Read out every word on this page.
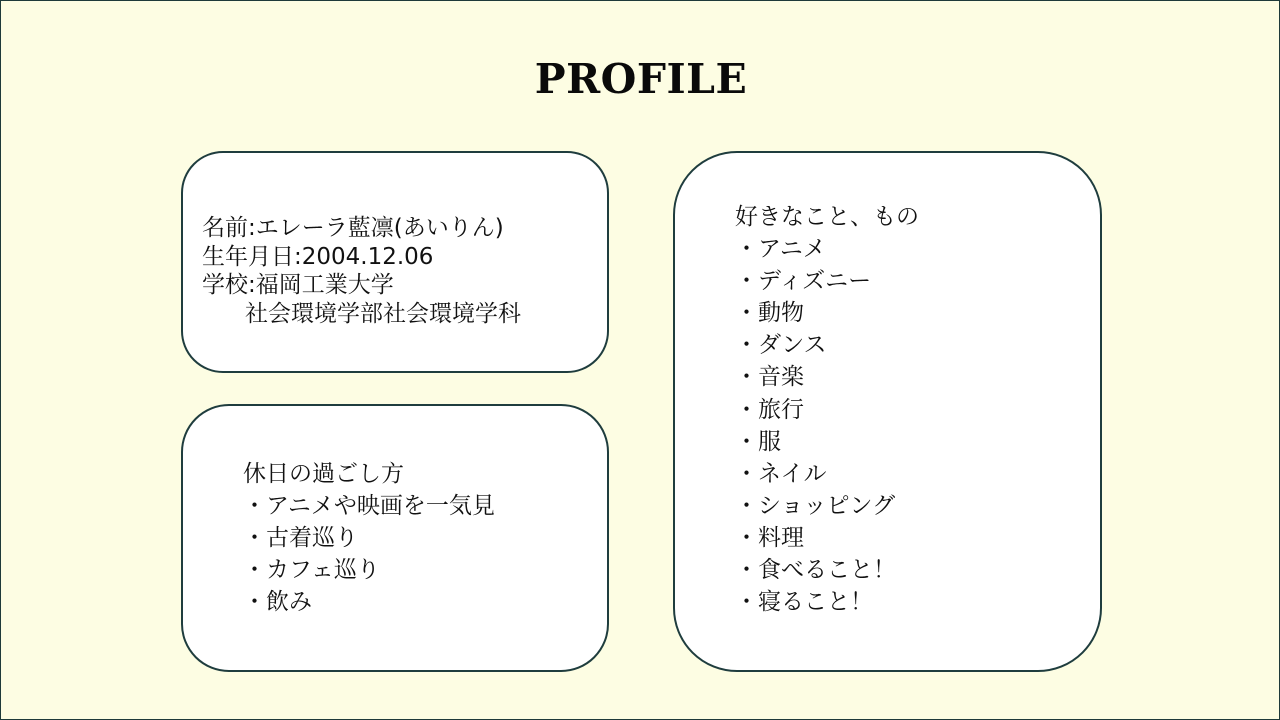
PROFILE
名前:エレーラ藍凛(あいりん)
生年月日:2004.12.06
学校:福岡工業大学
社会環境学部社会環境学科
休日の過ごし方
・アニメや映画を一気見
・古着巡り
・カフェ巡り
・飲み
好きなこと、もの
・アニメ
・ディズニー
・動物
・ダンス
・音楽
・旅行
・服
・ネイル
・ショッピング
・料理
・食べること！
・寝ること！
